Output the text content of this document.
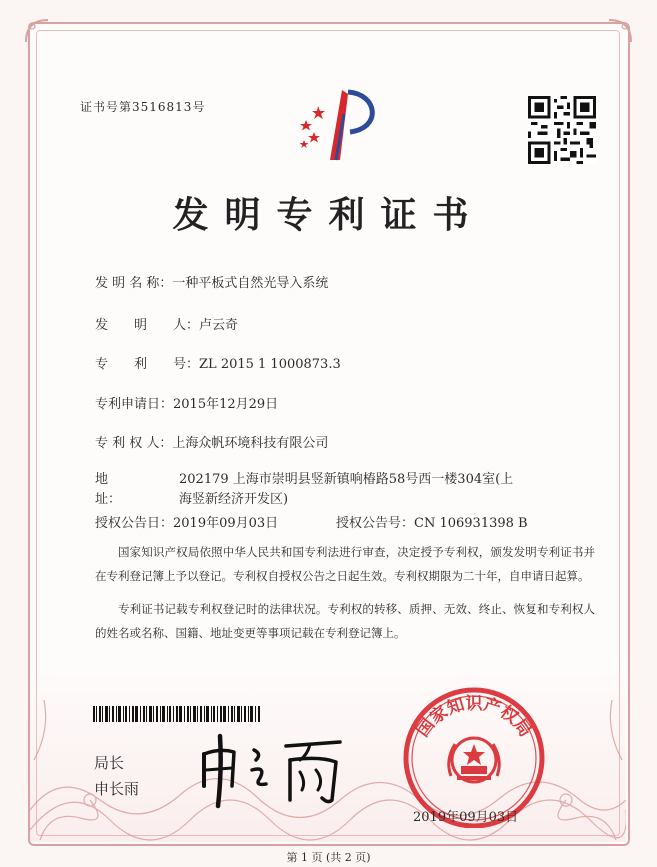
证书号第3516813号
发明专利证书
发 明 名 称：一种平板式自然光导入系统
发　　明　　人：卢云奇
专　　利　　号：ZL 2015 1 1000873.3
专利申请日：2015年12月29日
专 利 权 人：上海众帆环境科技有限公司
地　　　　址：
202179 上海市崇明县竖新镇响椿路58号西一楼304室(上海竖新经济开发区)
授权公告日：2019年09月03日	授权公告号：CN 106931398 B
国家知识产权局依照中华人民共和国专利法进行审查，决定授予专利权，颁发发明专利证书并在专利登记簿上予以登记。专利权自授权公告之日起生效。专利权期限为二十年，自申请日起算。
专利证书记载专利权登记时的法律状况。专利权的转移、质押、无效、终止、恢复和专利权人的姓名或名称、国籍、地址变更等事项记载在专利登记簿上。
局长
申长雨
国家知识产权局
2019年09月03日
第 1 页 (共 2 页)
